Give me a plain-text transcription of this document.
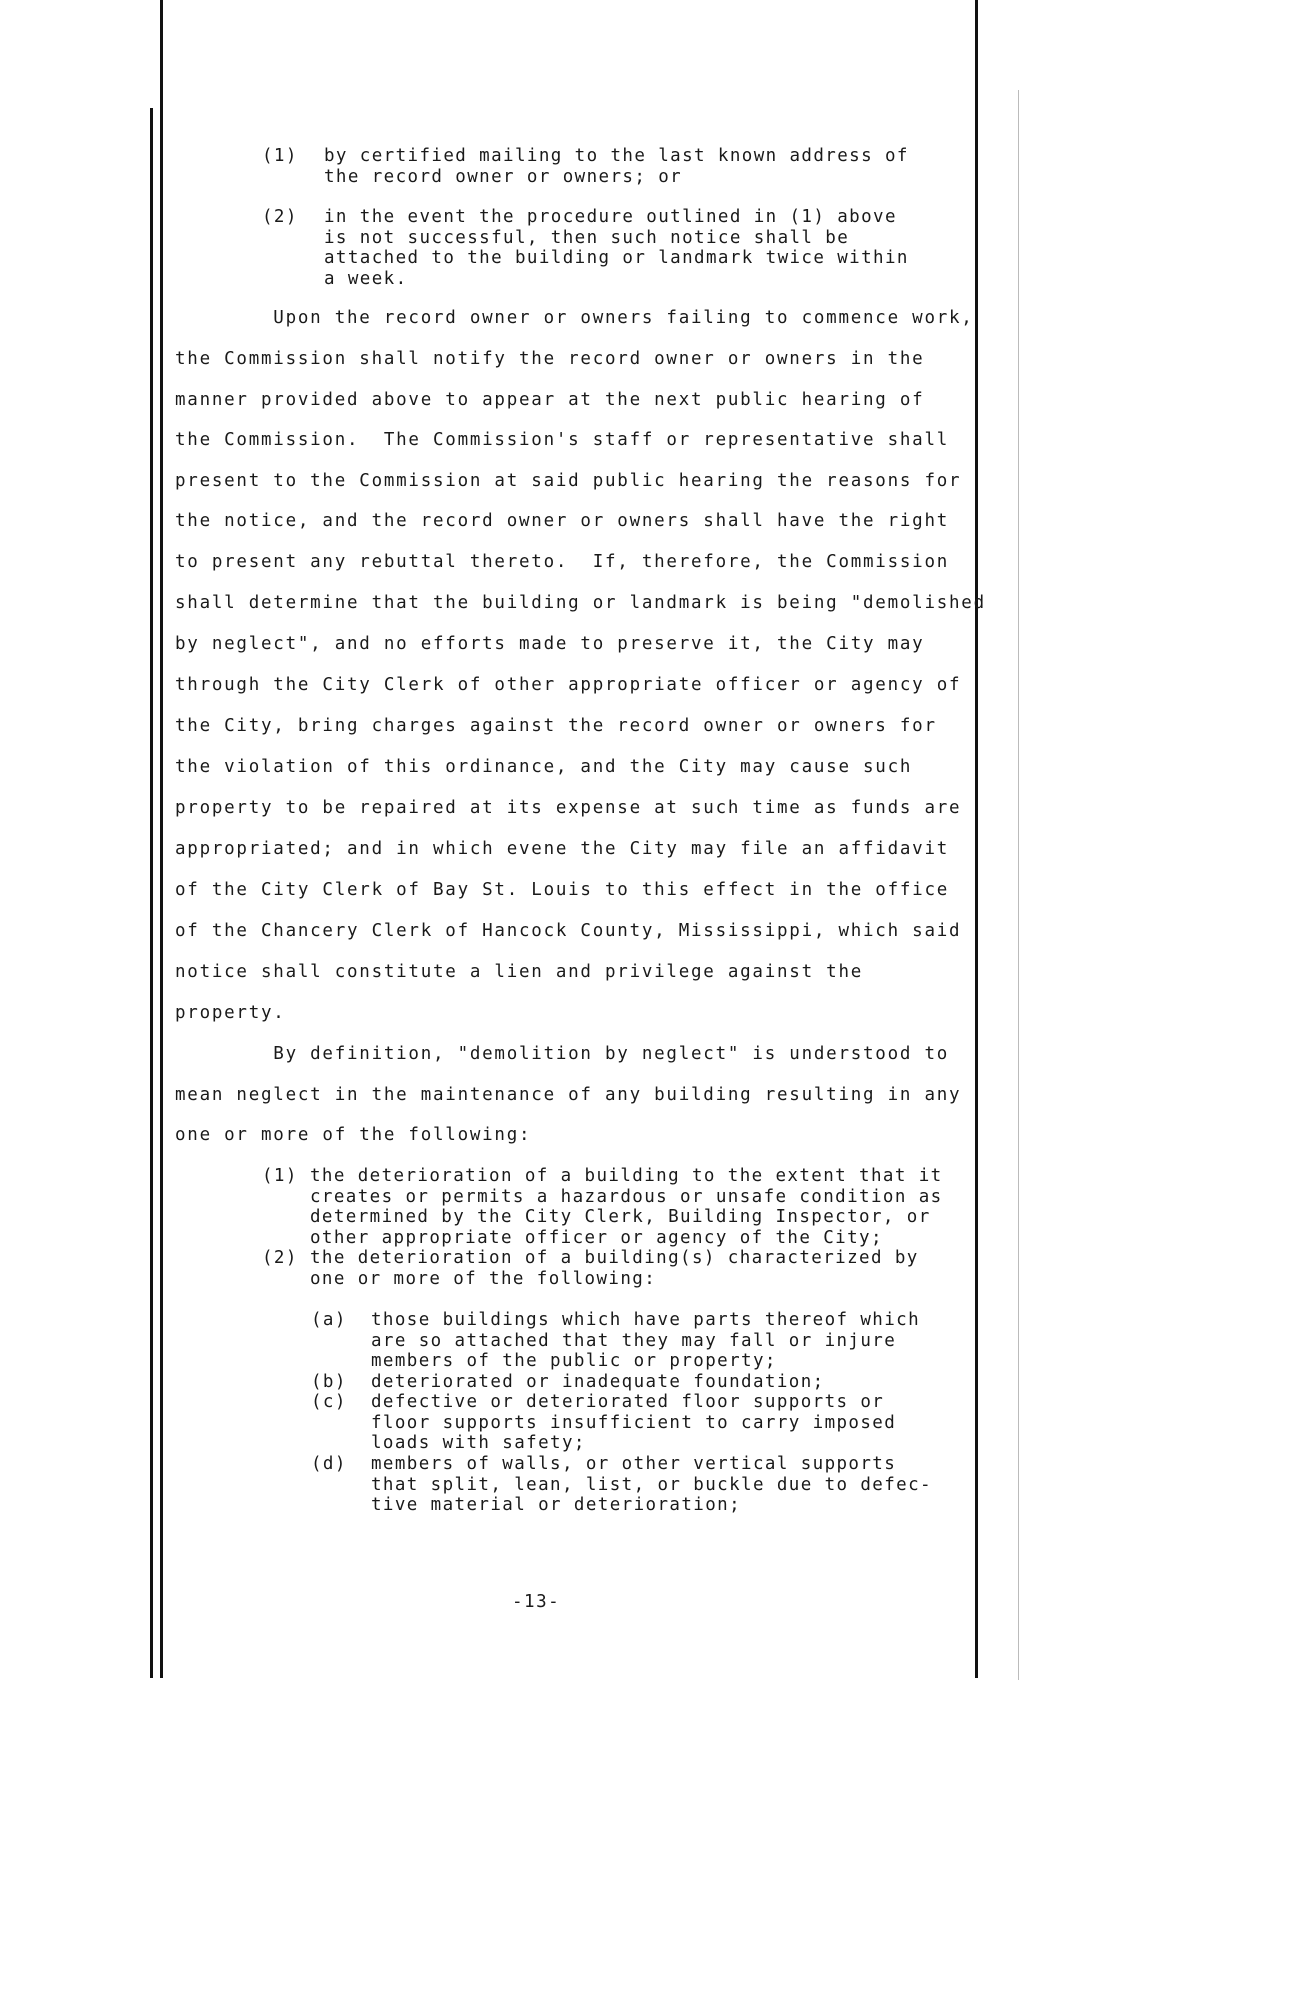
(1) by certified mailing to the last known address of
the record owner or owners; or
(2) in the event the procedure outlined in (1) above
is not successful, then such notice shall be
attached to the building or landmark twice within
a week.
Upon the record owner or owners failing to commence work,
the Commission shall notify the record owner or owners in the
manner provided above to appear at the next public hearing of
the Commission.  The Commission's staff or representative shall
present to the Commission at said public hearing the reasons for
the notice, and the record owner or owners shall have the right
to present any rebuttal thereto.  If, therefore, the Commission
shall determine that the building or landmark is being "demolished
by neglect", and no efforts made to preserve it, the City may
through the City Clerk of other appropriate officer or agency of
the City, bring charges against the record owner or owners for
the violation of this ordinance, and the City may cause such
property to be repaired at its expense at such time as funds are
appropriated; and in which evene the City may file an affidavit
of the City Clerk of Bay St. Louis to this effect in the office
of the Chancery Clerk of Hancock County, Mississippi, which said
notice shall constitute a lien and privilege against the
property.
By definition, "demolition by neglect" is understood to
mean neglect in the maintenance of any building resulting in any
one or more of the following:
(1) the deterioration of a building to the extent that it
creates or permits a hazardous or unsafe condition as
determined by the City Clerk, Building Inspector, or
other appropriate officer or agency of the City;
(2) the deterioration of a building(s) characterized by
one or more of the following:
(a) those buildings which have parts thereof which
are so attached that they may fall or injure
members of the public or property;
(b) deteriorated or inadequate foundation;
(c) defective or deteriorated floor supports or
floor supports insufficient to carry imposed
loads with safety;
(d) members of walls, or other vertical supports
that split, lean, list, or buckle due to defec-
tive material or deterioration;
-13-
